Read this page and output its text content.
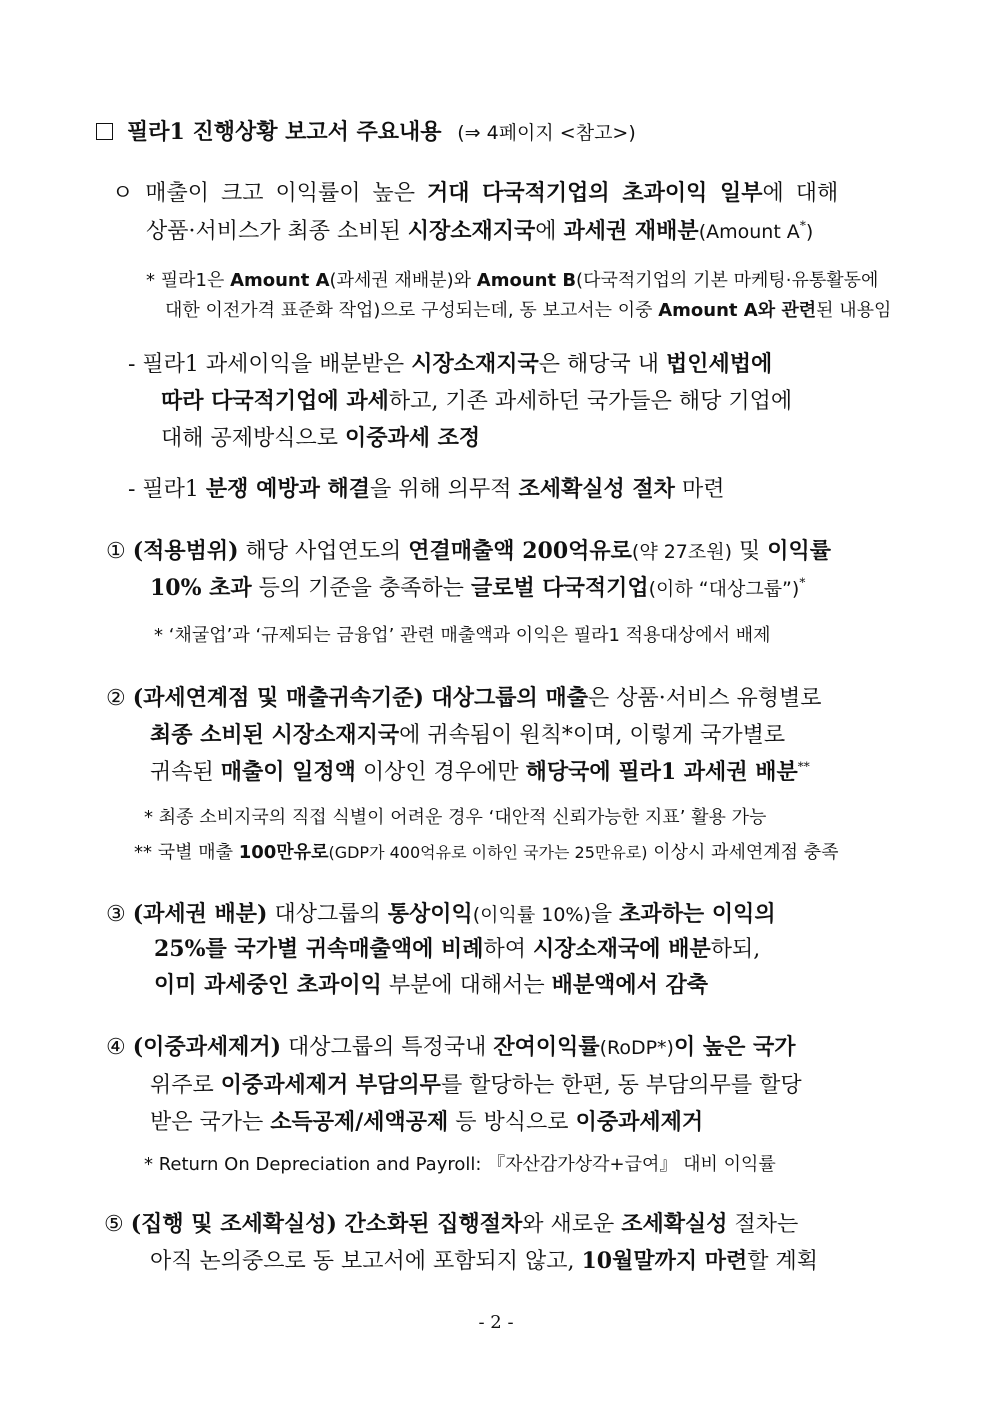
필라1 진행상황 보고서 주요내용 (⇒ 4페이지 <참고>)
ㅇ 매출이 크고 이익률이 높은 거대 다국적기업의 초과이익 일부에 대해
상품·서비스가 최종 소비된 시장소재지국에 과세권 재배분(Amount A*)
* 필라1은 Amount A(과세권 재배분)와 Amount B(다국적기업의 기본 마케팅·유통활동에
대한 이전가격 표준화 작업)으로 구성되는데, 동 보고서는 이중 Amount A와 관련된 내용임
- 필라1 과세이익을 배분받은 시장소재지국은 해당국 내 법인세법에
따라 다국적기업에 과세하고, 기존 과세하던 국가들은 해당 기업에
대해 공제방식으로 이중과세 조정
- 필라1 분쟁 예방과 해결을 위해 의무적 조세확실성 절차 마련
① (적용범위) 해당 사업연도의 연결매출액 200억유로(약 27조원) 및 이익률
10% 초과 등의 기준을 충족하는 글로벌 다국적기업(이하 “대상그룹”)*
* ‘채굴업’과 ‘규제되는 금융업’ 관련 매출액과 이익은 필라1 적용대상에서 배제
② (과세연계점 및 매출귀속기준) 대상그룹의 매출은 상품·서비스 유형별로
최종 소비된 시장소재지국에 귀속됨이 원칙*이며, 이렇게 국가별로
귀속된 매출이 일정액 이상인 경우에만 해당국에 필라1 과세권 배분**
* 최종 소비지국의 직접 식별이 어려운 경우 ‘대안적 신뢰가능한 지표’ 활용 가능
** 국별 매출 100만유로(GDP가 400억유로 이하인 국가는 25만유로) 이상시 과세연계점 충족
③ (과세권 배분) 대상그룹의 통상이익(이익률 10%)을 초과하는 이익의
25%를 국가별 귀속매출액에 비례하여 시장소재국에 배분하되,
이미 과세중인 초과이익 부분에 대해서는 배분액에서 감축
④ (이중과세제거) 대상그룹의 특정국내 잔여이익률(RoDP*)이 높은 국가
위주로 이중과세제거 부담의무를 할당하는 한편, 동 부담의무를 할당
받은 국가는 소득공제/세액공제 등 방식으로 이중과세제거
* Return On Depreciation and Payroll: 『자산감가상각+급여』 대비 이익률
⑤ (집행 및 조세확실성) 간소화된 집행절차와 새로운 조세확실성 절차는
아직 논의중으로 동 보고서에 포함되지 않고, 10월말까지 마련할 계획
- 2 -
